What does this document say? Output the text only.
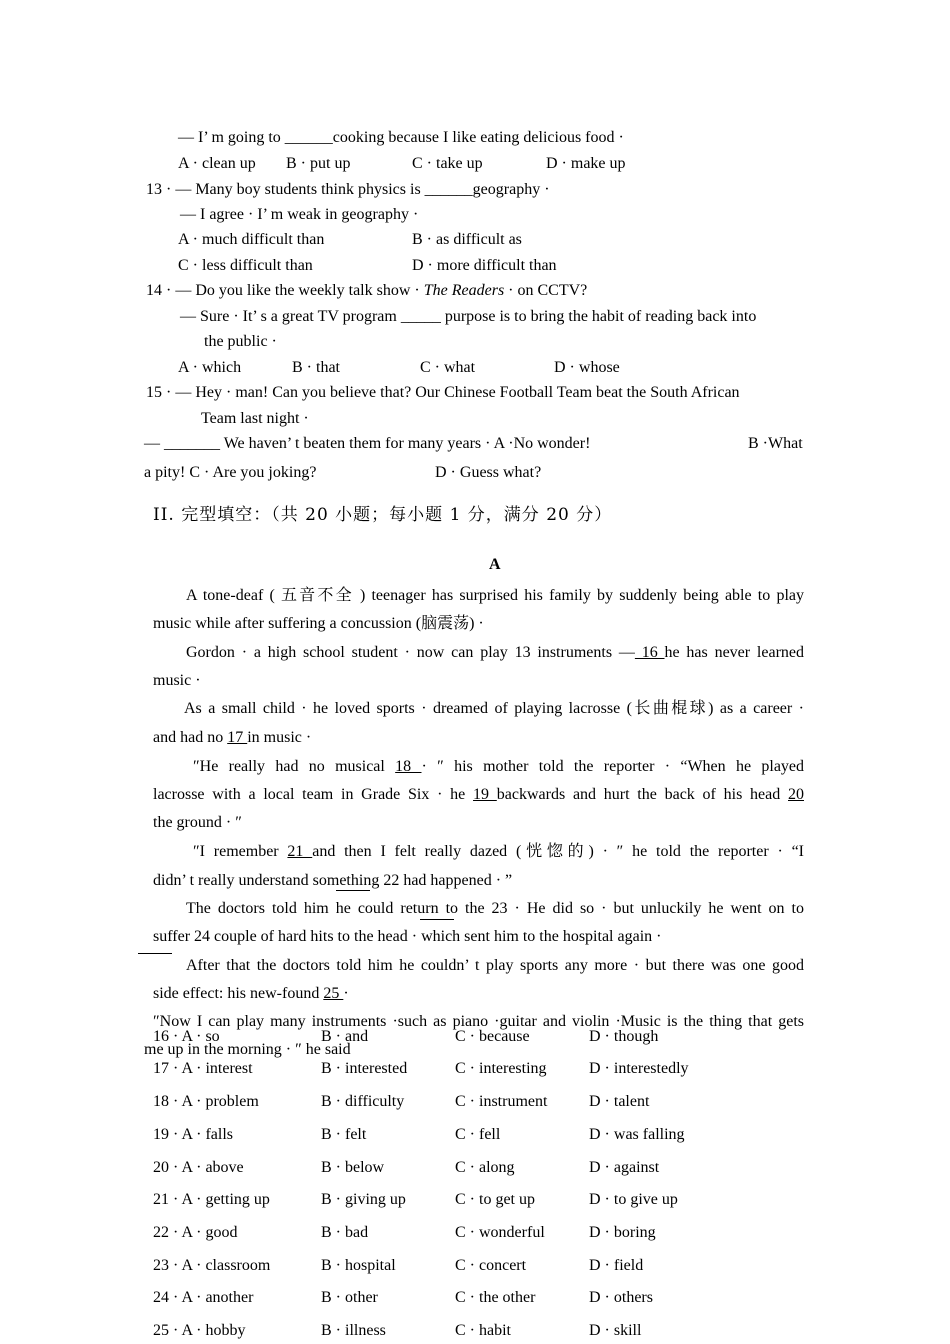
— I’ m going to ______cooking because I like eating delicious food ·
A · clean up B · put up	C · take up	D · make up
13 · — Many boy students think physics is ______geography ·
— I agree · I’ m weak in geography ·
A · much difficult than	B · as difficult as
C · less difficult than	D · more difficult than
14 · — Do you like the weekly talk show · The Readers · on CCTV?
— Sure · It’ s a great TV program _____ purpose is to bring the habit of reading back into
the public ·
A · which	B · that	C · what	D · whose
15 · — Hey · man! Can you believe that? Our Chinese Football Team beat the South African
Team last night ·
— _______ We haven’ t beaten them for many years · A ·No wonder!	B ·What
a pity! C · Are you joking?	D · Guess what?
II. 完型填空：（共 20 小题；每小题 1 分，满分 20 分）
A
A tone-deaf ( 五音不全 ) teenager has surprised his family by suddenly being able to play
music while after suffering a concussion (脑震荡) ·
Gordon · a high school student · now can play 13 instruments — 16 he has never learned
music ·
As a small child · he loved sports · dreamed of playing lacrosse (长曲棍球) as a career ·
and had no 17 in music ·
″He really had no musical 18 · ″ his mother told the reporter · “When he played
lacrosse with a local team in Grade Six · he 19 backwards and hurt the back of his head 20
the ground · ″
″I remember 21 and then I felt really dazed (恍惚的) · ″ he told the reporter · “I
didn’ t really understand something 22 had happened · ”
The doctors told him he could return to the 23 · He did so · but unluckily he went on to
suffer 24 couple of hard hits to the head · which sent him to the hospital again ·
After that the doctors told him he couldn’ t play sports any more · but there was one good
side effect: his new-found 25 ·
″Now I can play many instruments ·such as piano ·guitar and violin ·Music is the thing that gets
me up in the morning · ″ he said
16 · A · so	B · and	C · because	D · though
17 · A · interest	B · interested	C · interesting	D · interestedly
18 · A · problem	B · difficulty	C · instrument	D · talent
19 · A · falls	B · felt	C · fell	D · was falling
20 · A · above	B · below	C · along	D · against
21 · A · getting up	B · giving up	C · to get up	D · to give up
22 · A · good	B · bad	C · wonderful	D · boring
23 · A · classroom	B · hospital	C · concert	D · field
24 · A · another	B · other	C · the other	D · others
25 · A · hobby	B · illness	C · habit	D · skill
